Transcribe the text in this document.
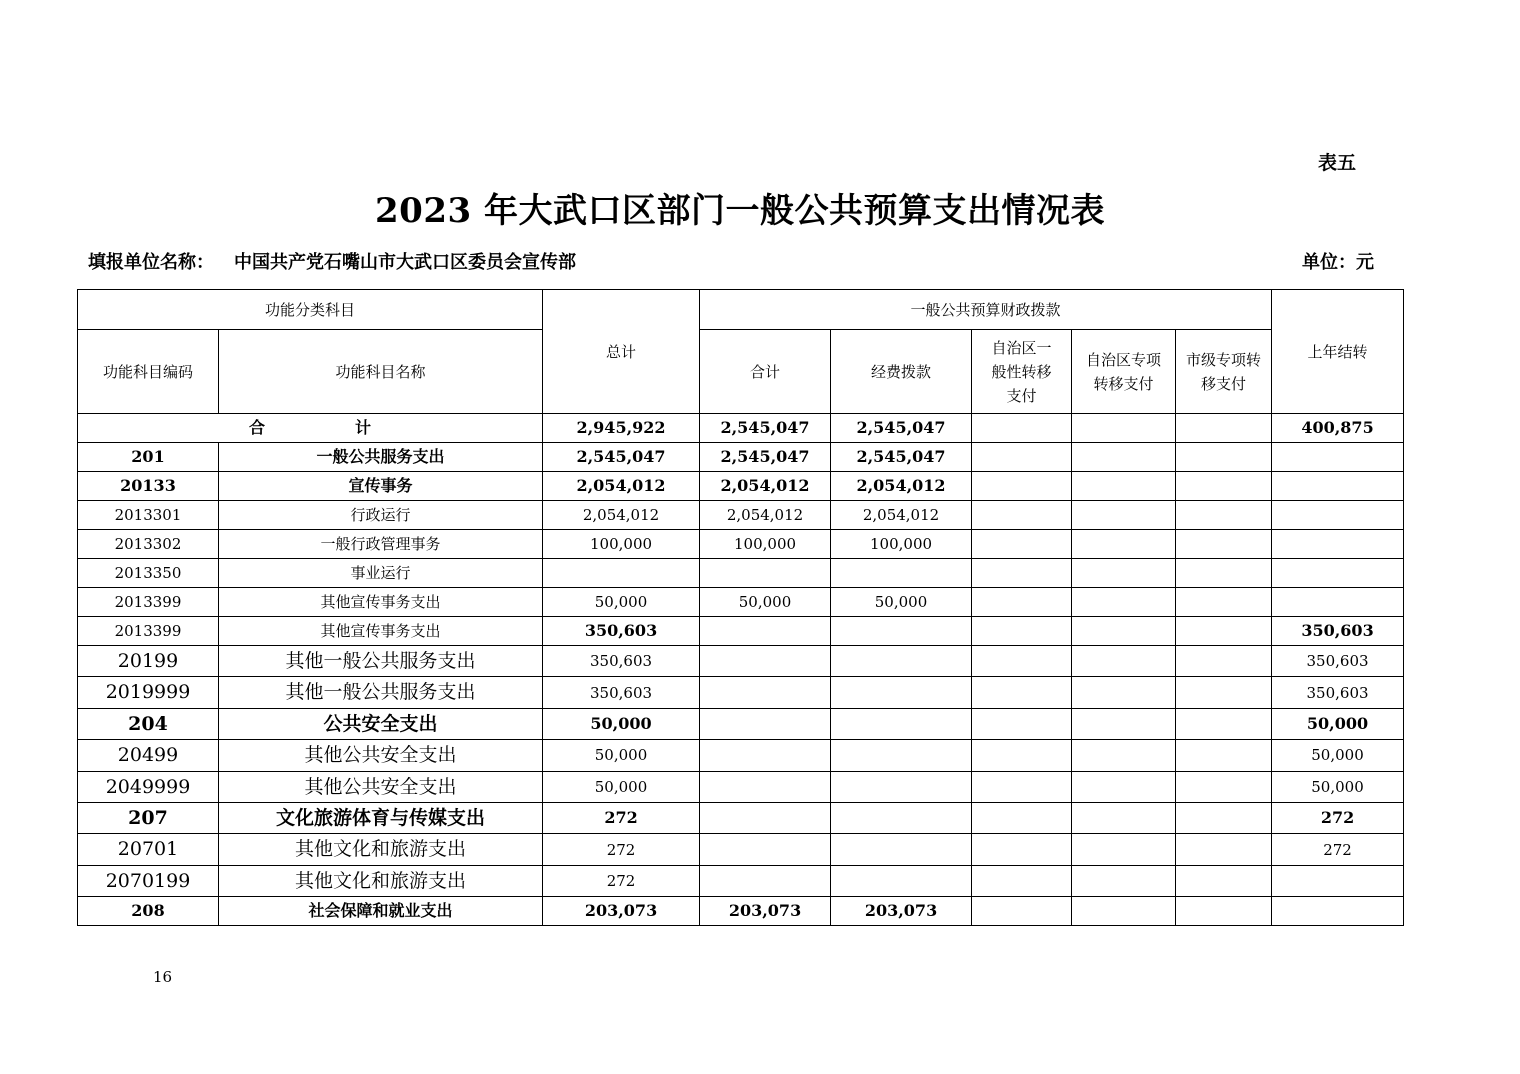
表五
2023 年大武口区部门一般公共预算支出情况表
填报单位名称： 中国共产党石嘴山市大武口区委员会宣传部	单位：元
功能分类科目		总计	一般公共预算财政拨款					上年结转
功能科目编码	功能科目名称		合计	经费拨款	自治区一般性转移支付	自治区专项转移支付	市级专项转移支付	
合 计		2,945,922	2,545,047	2,545,047				400,875
201	一般公共服务支出	2,545,047	2,545,047	2,545,047				
20133	宣传事务	2,054,012	2,054,012	2,054,012				
2013301	行政运行	2,054,012	2,054,012	2,054,012				
2013302	一般行政管理事务	100,000	100,000	100,000				
2013350	事业运行							
2013399	其他宣传事务支出	50,000	50,000	50,000				
2013399	其他宣传事务支出	350,603						350,603
20199	其他一般公共服务支出	350,603						350,603
2019999	其他一般公共服务支出	350,603						350,603
204	公共安全支出	50,000						50,000
20499	其他公共安全支出	50,000						50,000
2049999	其他公共安全支出	50,000						50,000
207	文化旅游体育与传媒支出	272						272
20701	其他文化和旅游支出	272						272
2070199	其他文化和旅游支出	272						
208	社会保障和就业支出	203,073	203,073	203,073				
16
